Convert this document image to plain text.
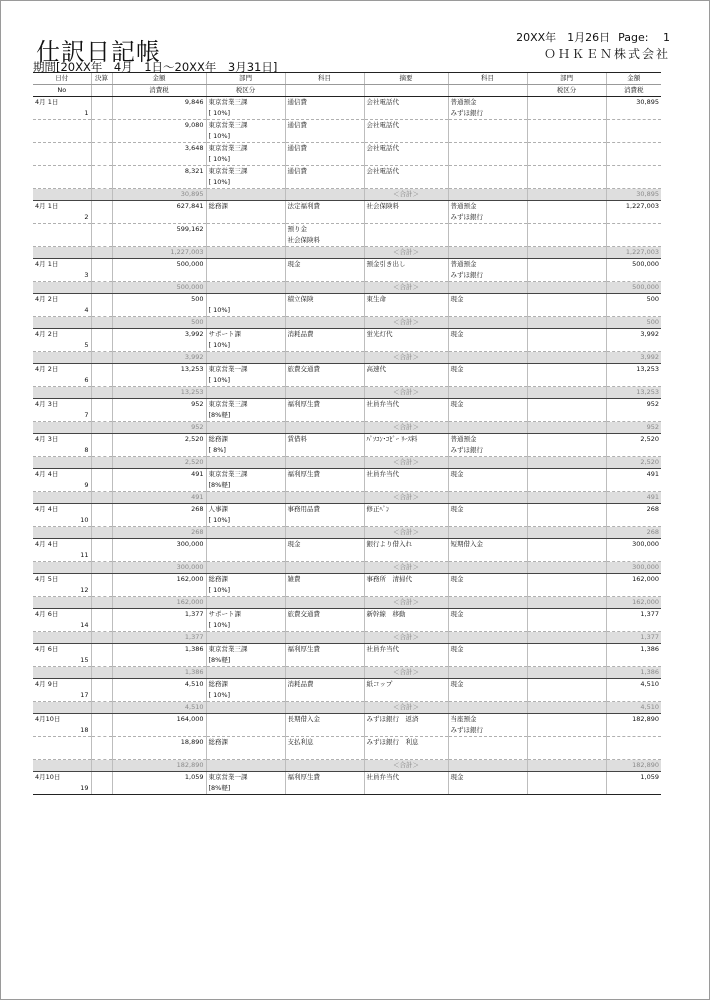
仕訳日記帳
20XX年　1月26日 Page:　 1
ＯＨＫＥＮ株式会社
期間[20XX年　4月　1日～20XX年　3月31日]
日付	決算	金額	部門	科目	摘要	科目	部門	金額
No		消費税	税区分				税区分	消費税
4月 1日		9,846	東京営業三課	通信費	会社電話代	普通預金		30,895
1			[ 10%]			みずほ銀行		
		9,080	東京営業三課	通信費	会社電話代			
			[ 10%]					
		3,648	東京営業三課	通信費	会社電話代			
			[ 10%]					
		8,321	東京営業三課	通信費	会社電話代			
			[ 10%]					
		30,895			＜合計＞			30,895
4月 1日		627,841	総務課	法定福利費	社会保険料	普通預金		1,227,003
2						みずほ銀行		
		599,162		預り金				
				社会保険料				
		1,227,003			＜合計＞			1,227,003
4月 1日		500,000		現金	預金引き出し	普通預金		500,000
3						みずほ銀行		
		500,000			＜合計＞			500,000
4月 2日		500		積立保険	東生命	現金		500
4			[ 10%]					
		500			＜合計＞			500
4月 2日		3,992	サポート課	消耗品費	蛍光灯代	現金		3,992
5			[ 10%]					
		3,992			＜合計＞			3,992
4月 2日		13,253	東京営業一課	旅費交通費	高速代	現金		13,253
6			[ 10%]					
		13,253			＜合計＞			13,253
4月 3日		952	東京営業三課	福利厚生費	社員弁当代	現金		952
7			[8%軽]					
		952			＜合計＞			952
4月 3日		2,520	総務課	賃借料	ﾊﾟｿｺﾝ･ｺﾋﾟｰ ﾘｰｽ料	普通預金		2,520
8			[ 8%]			みずほ銀行		
		2,520			＜合計＞			2,520
4月 4日		491	東京営業三課	福利厚生費	社員弁当代	現金		491
9			[8%軽]					
		491			＜合計＞			491
4月 4日		268	人事課	事務用品費	修正ﾍﾟﾝ	現金		268
10			[ 10%]					
		268			＜合計＞			268
4月 4日		300,000		現金	銀行より借入れ	短期借入金		300,000
11								
		300,000			＜合計＞			300,000
4月 5日		162,000	総務課	雑費	事務所　清掃代	現金		162,000
12			[ 10%]					
		162,000			＜合計＞			162,000
4月 6日		1,377	サポート課	旅費交通費	新幹線　移動	現金		1,377
14			[ 10%]					
		1,377			＜合計＞			1,377
4月 6日		1,386	東京営業三課	福利厚生費	社員弁当代	現金		1,386
15			[8%軽]					
		1,386			＜合計＞			1,386
4月 9日		4,510	総務課	消耗品費	紙コップ	現金		4,510
17			[ 10%]					
		4,510			＜合計＞			4,510
4月10日		164,000		長期借入金	みずほ銀行　返済	当座預金		182,890
18						みずほ銀行		
		18,890	総務課	支払利息	みずほ銀行　利息			

		182,890			＜合計＞			182,890
4月10日		1,059	東京営業一課	福利厚生費	社員弁当代	現金		1,059
19			[8%軽]					
